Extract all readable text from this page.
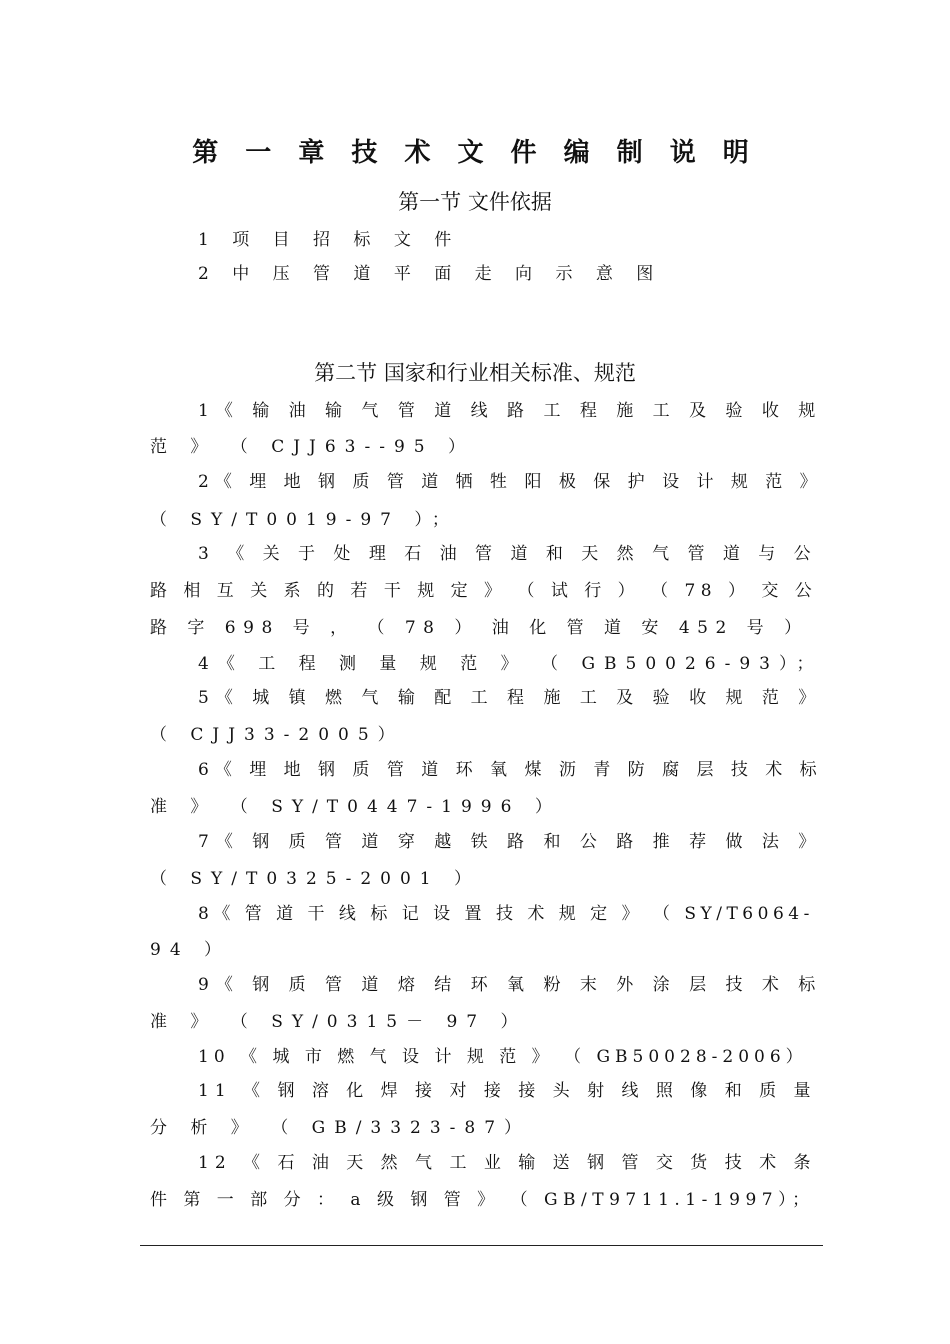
第 一 章 技 术 文 件 编 制 说 明
第一节 文件依据
1 项 目 招 标 文 件
2 中 压 管 道 平 面 走 向 示 意 图
第二节 国家和行业相关标准、规范
1《 输 油 输 气 管 道 线 路 工 程 施 工 及 验 收 规
范 》 （ CJJ63--95 ）
2《 埋 地 钢 质 管 道 牺 牲 阳 极 保 护 设 计 规 范 》
（ SY/T0019-97 ）；
3 《 关 于 处 理 石 油 管 道 和 天 然 气 管 道 与 公
路 相 互 关 系 的 若 干 规 定 》 （ 试 行 ） （ 78 ） 交 公
路 字 698 号 ， （ 78 ） 油 化 管 道 安 452 号 ）
4《 工 程 测 量 规 范 》 （ GB50026-93）；
5《 城 镇 燃 气 输 配 工 程 施 工 及 验 收 规 范 》
（ CJJ33-2005）
6《 埋 地 钢 质 管 道 环 氧 煤 沥 青 防 腐 层 技 术 标
准 》 （ SY/T0447-1996 ）
7《 钢 质 管 道 穿 越 铁 路 和 公 路 推 荐 做 法 》
（ SY/T0325-2001 ）
8《 管 道 干 线 标 记 设 置 技 术 规 定 》 （ SY/T6064-
94 ）
9《 钢 质 管 道 熔 结 环 氧 粉 末 外 涂 层 技 术 标
准 》 （ SY/0315－ 97 ）
10 《 城 市 燃 气 设 计 规 范 》 （ GB50028-2006）
11 《 钢 溶 化 焊 接 对 接 接 头 射 线 照 像 和 质 量
分 析 》 （ GB/3323-87）
12 《 石 油 天 然 气 工 业 输 送 钢 管 交 货 技 术 条
件 第 一 部 分 ： a 级 钢 管 》 （ GB/T9711.1-1997）；
